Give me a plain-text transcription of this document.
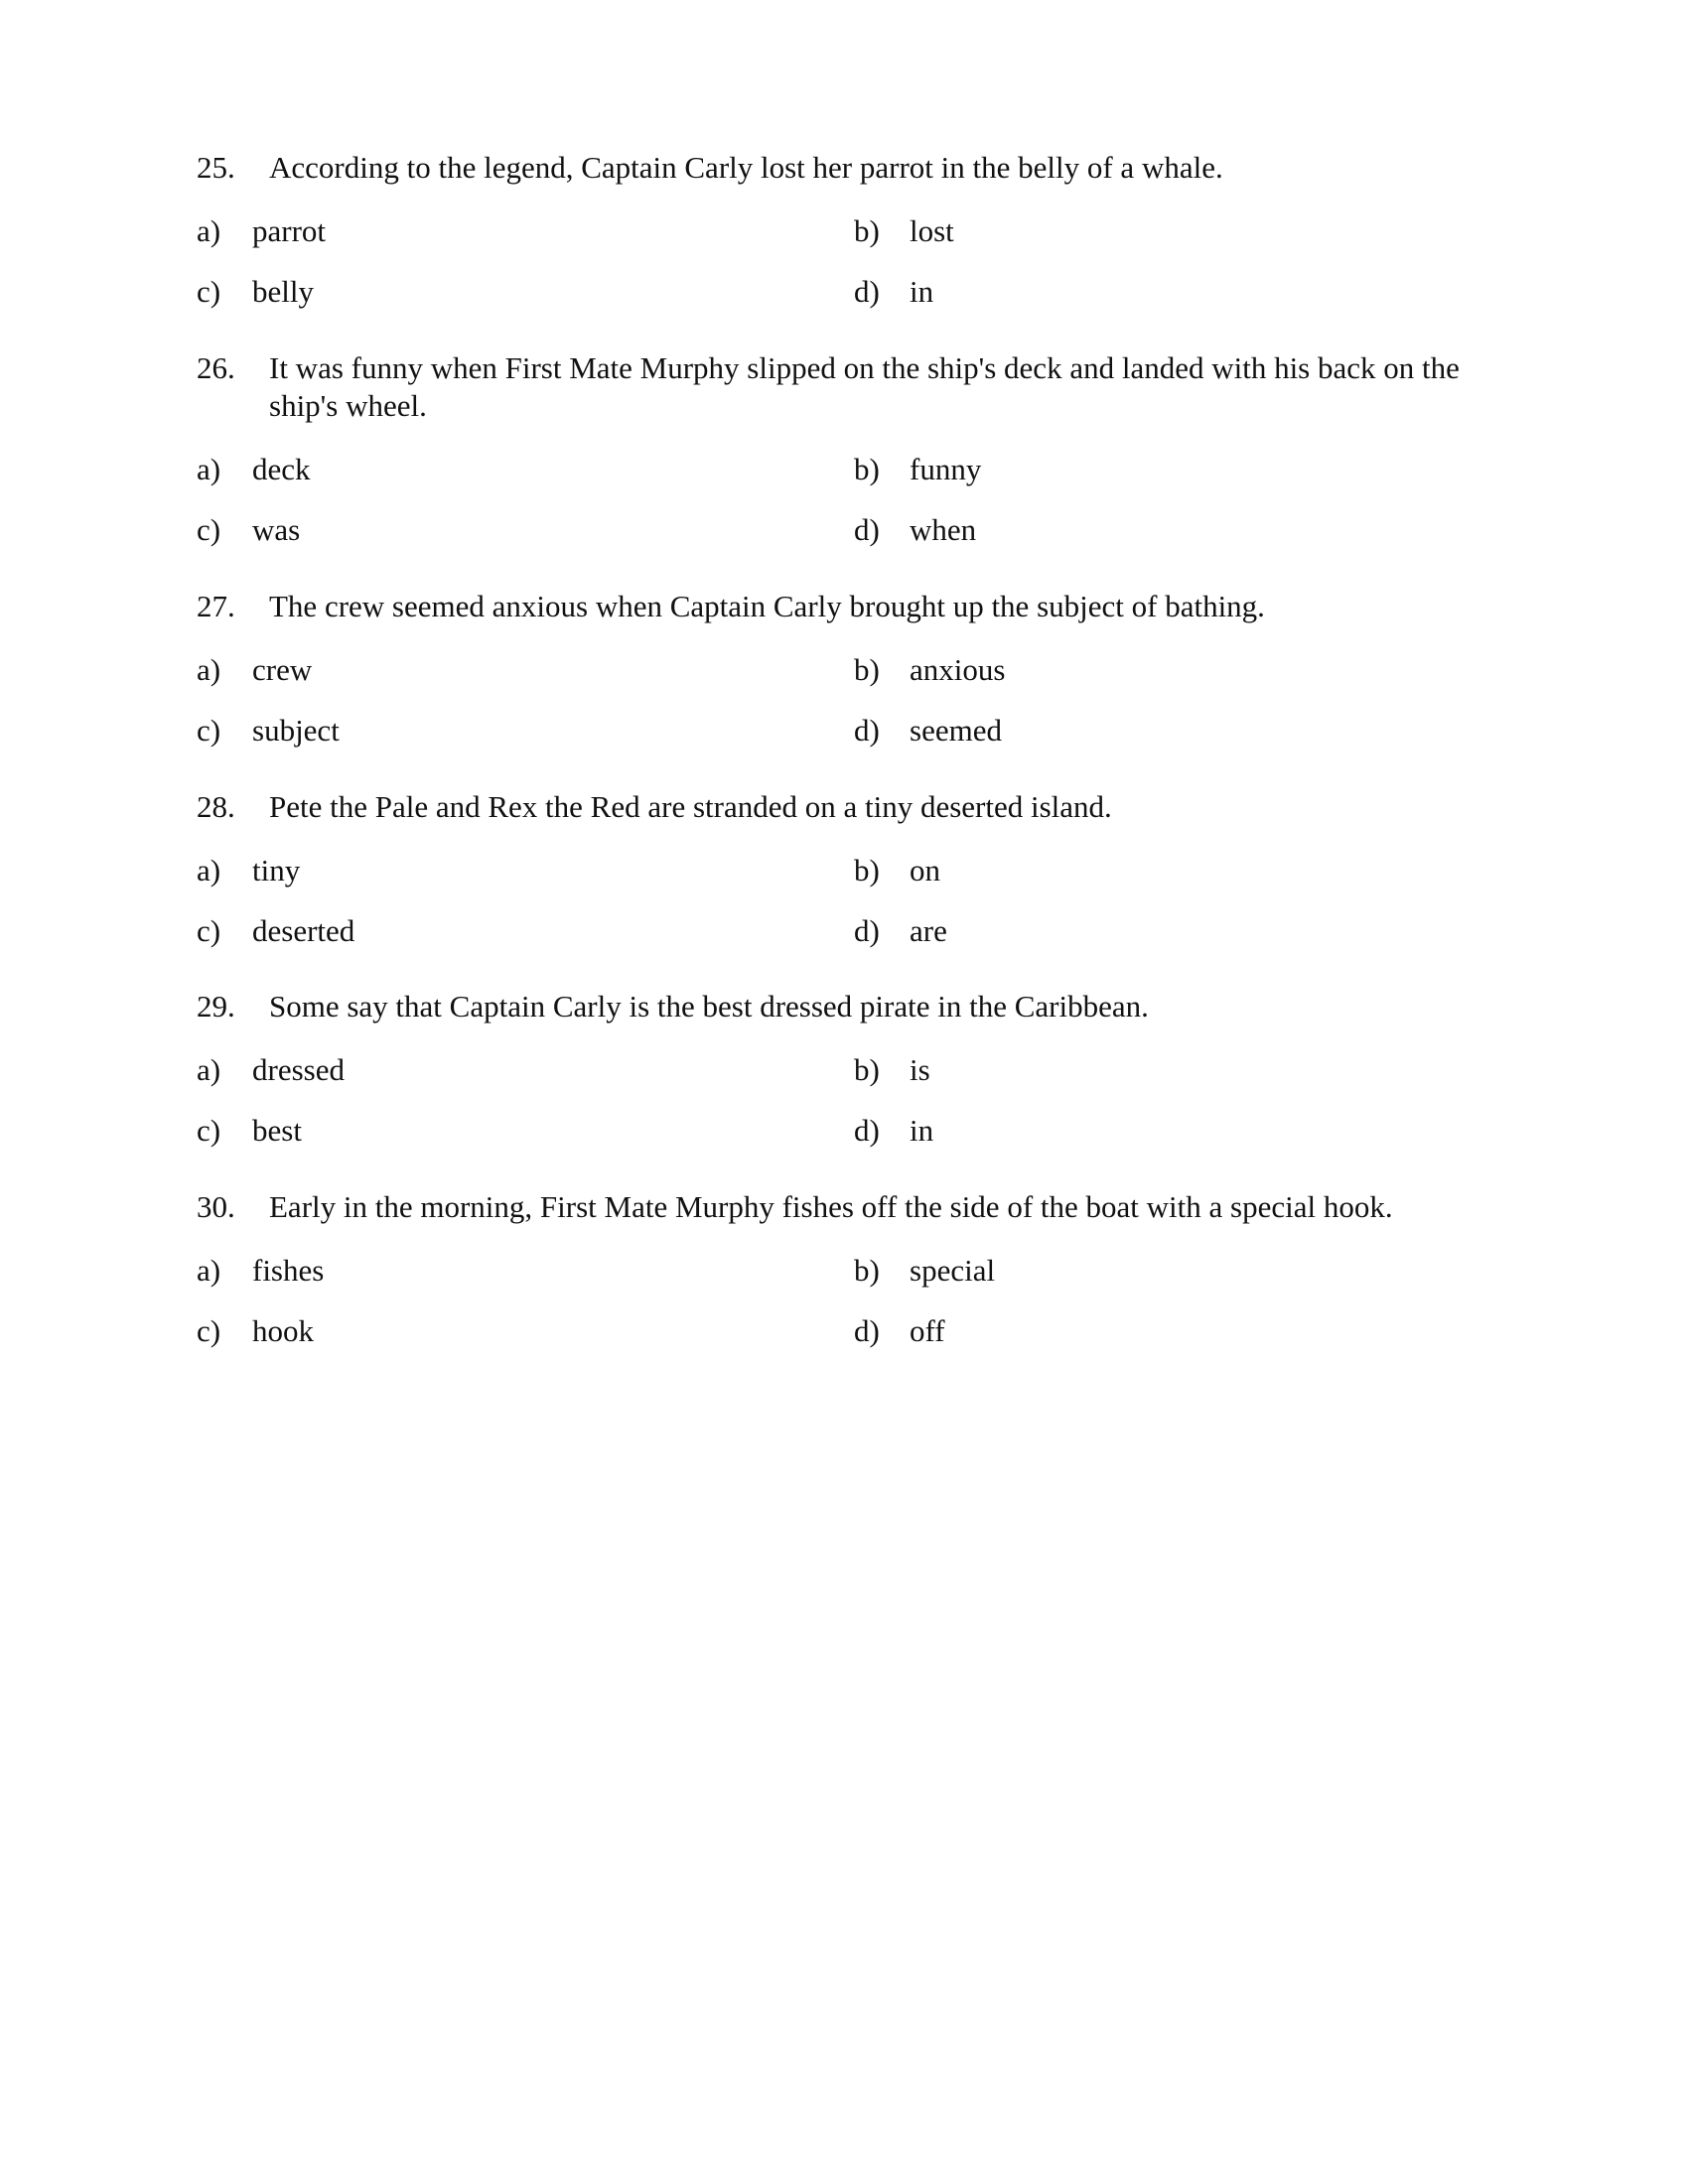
25.	According to the legend, Captain Carly lost her parrot in the belly of a whale.
a) parrot	b) lost
c) belly	d) in
26.	It was funny when First Mate Murphy slipped on the ship's deck and landed with his back on the ship's wheel.
a) deck	b) funny
c) was	d) when
27.	The crew seemed anxious when Captain Carly brought up the subject of bathing.
a) crew	b) anxious
c) subject	d) seemed
28.	Pete the Pale and Rex the Red are stranded on a tiny deserted island.
a) tiny	b) on
c) deserted	d) are
29.	Some say that Captain Carly is the best dressed pirate in the Caribbean.
a) dressed	b) is
c) best	d) in
30.	Early in the morning, First Mate Murphy fishes off the side of the boat with a special hook.
a) fishes	b) special
c) hook	d) off
